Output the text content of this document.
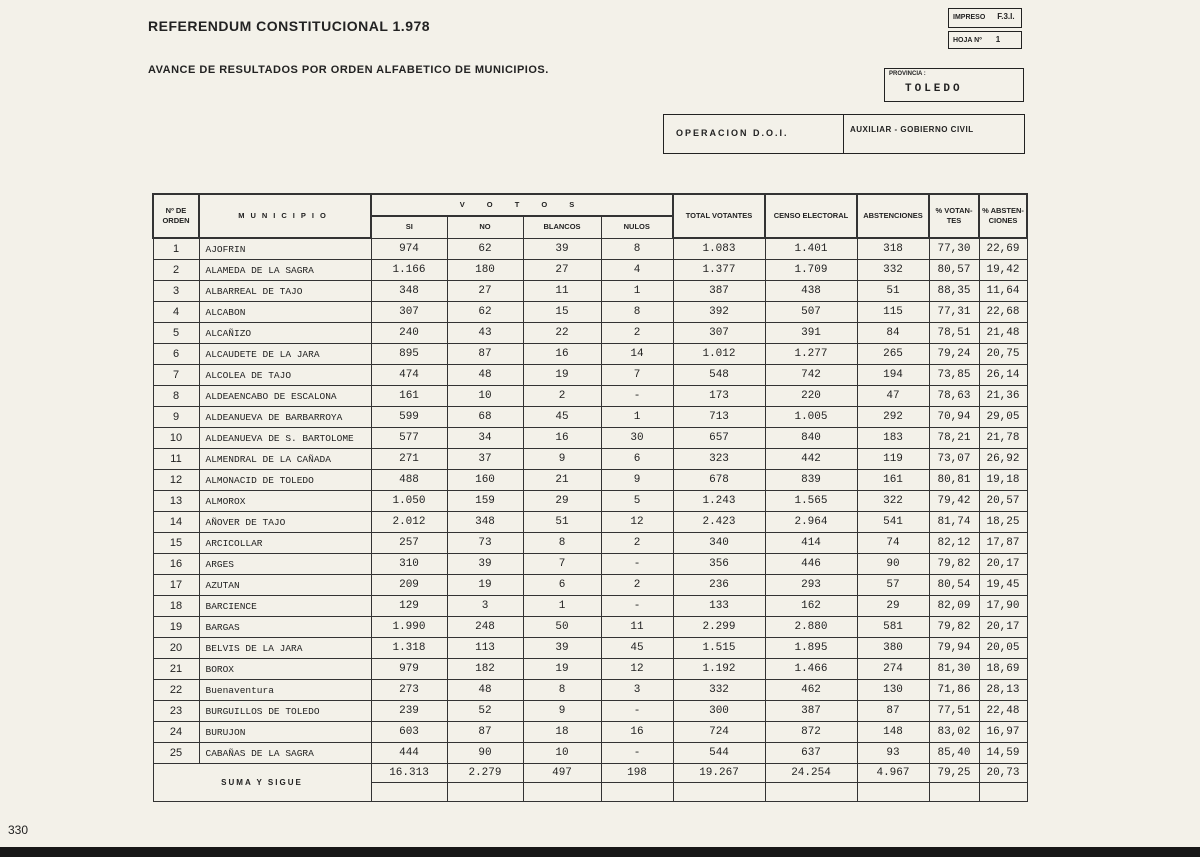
REFERENDUM CONSTITUCIONAL 1.978
AVANCE DE RESULTADOS POR ORDEN ALFABETICO DE MUNICIPIOS.
IMPRESO F.3.I.
HOJA Nº 1
PROVINCIA :
TOLEDO
OPERACION D.O.I.	AUXILIAR - GOBIERNO CIVIL
Nº DE ORDEN	MUNICIPIO	V O T O S				TOTAL VOTANTES	CENSO ELECTORAL	ABSTENCIONES	% VOTAN-TES	% ABSTEN-CIONES
		SI	NO	BLANCOS	NULOS					
1	AJOFRIN	974	62	39	8	1.083	1.401	318	77,30	22,69
2	ALAMEDA DE LA SAGRA	1.166	180	27	4	1.377	1.709	332	80,57	19,42
3	ALBARREAL DE TAJO	348	27	11	1	387	438	51	88,35	11,64
4	ALCABON	307	62	15	8	392	507	115	77,31	22,68
5	ALCAÑIZO	240	43	22	2	307	391	84	78,51	21,48
6	ALCAUDETE DE LA JARA	895	87	16	14	1.012	1.277	265	79,24	20,75
7	ALCOLEA DE TAJO	474	48	19	7	548	742	194	73,85	26,14
8	ALDEAENCABO DE ESCALONA	161	10	2	-	173	220	47	78,63	21,36
9	ALDEANUEVA DE BARBARROYA	599	68	45	1	713	1.005	292	70,94	29,05
10	ALDEANUEVA DE S. BARTOLOME	577	34	16	30	657	840	183	78,21	21,78
11	ALMENDRAL DE LA CAÑADA	271	37	9	6	323	442	119	73,07	26,92
12	ALMONACID DE TOLEDO	488	160	21	9	678	839	161	80,81	19,18
13	ALMOROX	1.050	159	29	5	1.243	1.565	322	79,42	20,57
14	AÑOVER DE TAJO	2.012	348	51	12	2.423	2.964	541	81,74	18,25
15	ARCICOLLAR	257	73	8	2	340	414	74	82,12	17,87
16	ARGES	310	39	7	-	356	446	90	79,82	20,17
17	AZUTAN	209	19	6	2	236	293	57	80,54	19,45
18	BARCIENCE	129	3	1	-	133	162	29	82,09	17,90
19	BARGAS	1.990	248	50	11	2.299	2.880	581	79,82	20,17
20	BELVIS DE LA JARA	1.318	113	39	45	1.515	1.895	380	79,94	20,05
21	BOROX	979	182	19	12	1.192	1.466	274	81,30	18,69
22	Buenaventura	273	48	8	3	332	462	130	71,86	28,13
23	BURGUILLOS DE TOLEDO	239	52	9	-	300	387	87	77,51	22,48
24	BURUJON	603	87	18	16	724	872	148	83,02	16,97
25	CABAÑAS DE LA SAGRA	444	90	10	-	544	637	93	85,40	14,59
SUMA Y SIGUE		16.313	2.279	497	198	19.267	24.254	4.967	79,25	20,73

330
